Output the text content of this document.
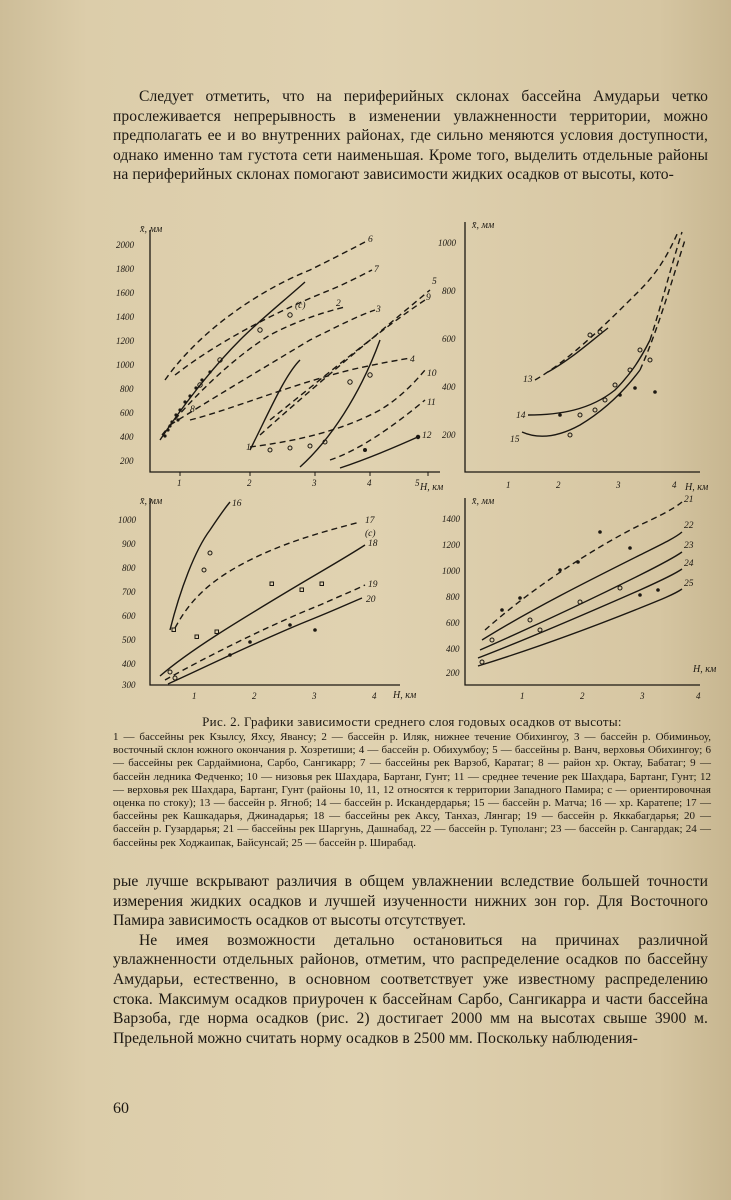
Следует отметить, что на периферийных склонах бассейна Амударьи четко прослеживается непрерывность в изменении увлажненности территории, можно предполагать ее и во внутренних районах, где сильно меняются условия доступности, однако именно там густота сети наименьшая. Кроме того, выделить отдельные районы на периферийных склонах помогают зависимости жидких осадков от высоты, кото-

x̄, мм
H, км
2000
1800
1600
1400
1200
1000
800
600
400
200
1	2	3	4	5
6
7
2
3
5
9
4
10
11
12
8
1
(с)
x̄, мм
H, км
1000
800
600
400
200
1	2	3	4
13
14
15
x̄, мм
H, км
1000
900
800
700
600
500
400
300
1	2	3	4
16
17
18
19
20
(с)
x̄, мм
H, км
1400
1200
1000
800
600
400
200
1	2	3	4
21
22
23
24
25
Рис. 2. Графики зависимости среднего слоя годовых осадков от высоты:
1 — бассейны рек Кзылсу, Яхсу, Явансу; 2 — бассейн р. Иляк, нижнее течение Обихингоу, 3 — бассейн р. Обиминьоу, восточный склон южного окончания р. Хозретиши; 4 — бассейн р. Обихумбоу; 5 — бассейны р. Ванч, верховья Обихингоу; 6 — бассейны рек Сардаймиона, Сарбо, Сангикарр; 7 — бассейны рек Варзоб, Каратаг; 8 — район хр. Октау, Бабатаг; 9 — бассейн ледника Федченко; 10 — низовья рек Шахдара, Бартанг, Гунт; 11 — среднее течение рек Шахдара, Бартанг, Гунт; 12 — верховья рек Шахдара, Бартанг, Гунт (районы 10, 11, 12 относятся к территории Западного Памира; с — ориентировочная оценка по стоку); 13 — бассейн р. Ягноб; 14 — бассейн р. Искандердарья; 15 — бассейн р. Матча; 16 — хр. Каратепе; 17 — бассейны рек Кашкадарья, Джинадарья; 18 — бассейны рек Аксу, Танхаз, Лянгар; 19 — бассейн р. Яккабагдарья; 20 — бассейн р. Гузардарья; 21 — бассейны рек Шаргунь, Дашнабад, 22 — бассейн р. Туполанг; 23 — бассейн р. Сангардак; 24 — бассейны рек Ходжаипак, Байсунсай; 25 — бассейн р. Ширабад.

рые лучше вскрывают различия в общем увлажнении вследствие большей точности измерения жидких осадков и лучшей изученности нижних зон гор. Для Восточного Памира зависимость осадков от высоты отсутствует.

Не имея возможности детально остановиться на причинах различной увлажненности отдельных районов, отметим, что распределение осадков по бассейну Амударьи, естественно, в основном соответствует уже известному распределению стока. Максимум осадков приурочен к бассейнам Сарбо, Сангикарра и части бассейна Варзоба, где норма осадков (рис. 2) достигает 2000 мм на высотах свыше 3900 м. Предельной можно считать норму осадков в 2500 мм. Поскольку наблюдения-

60
